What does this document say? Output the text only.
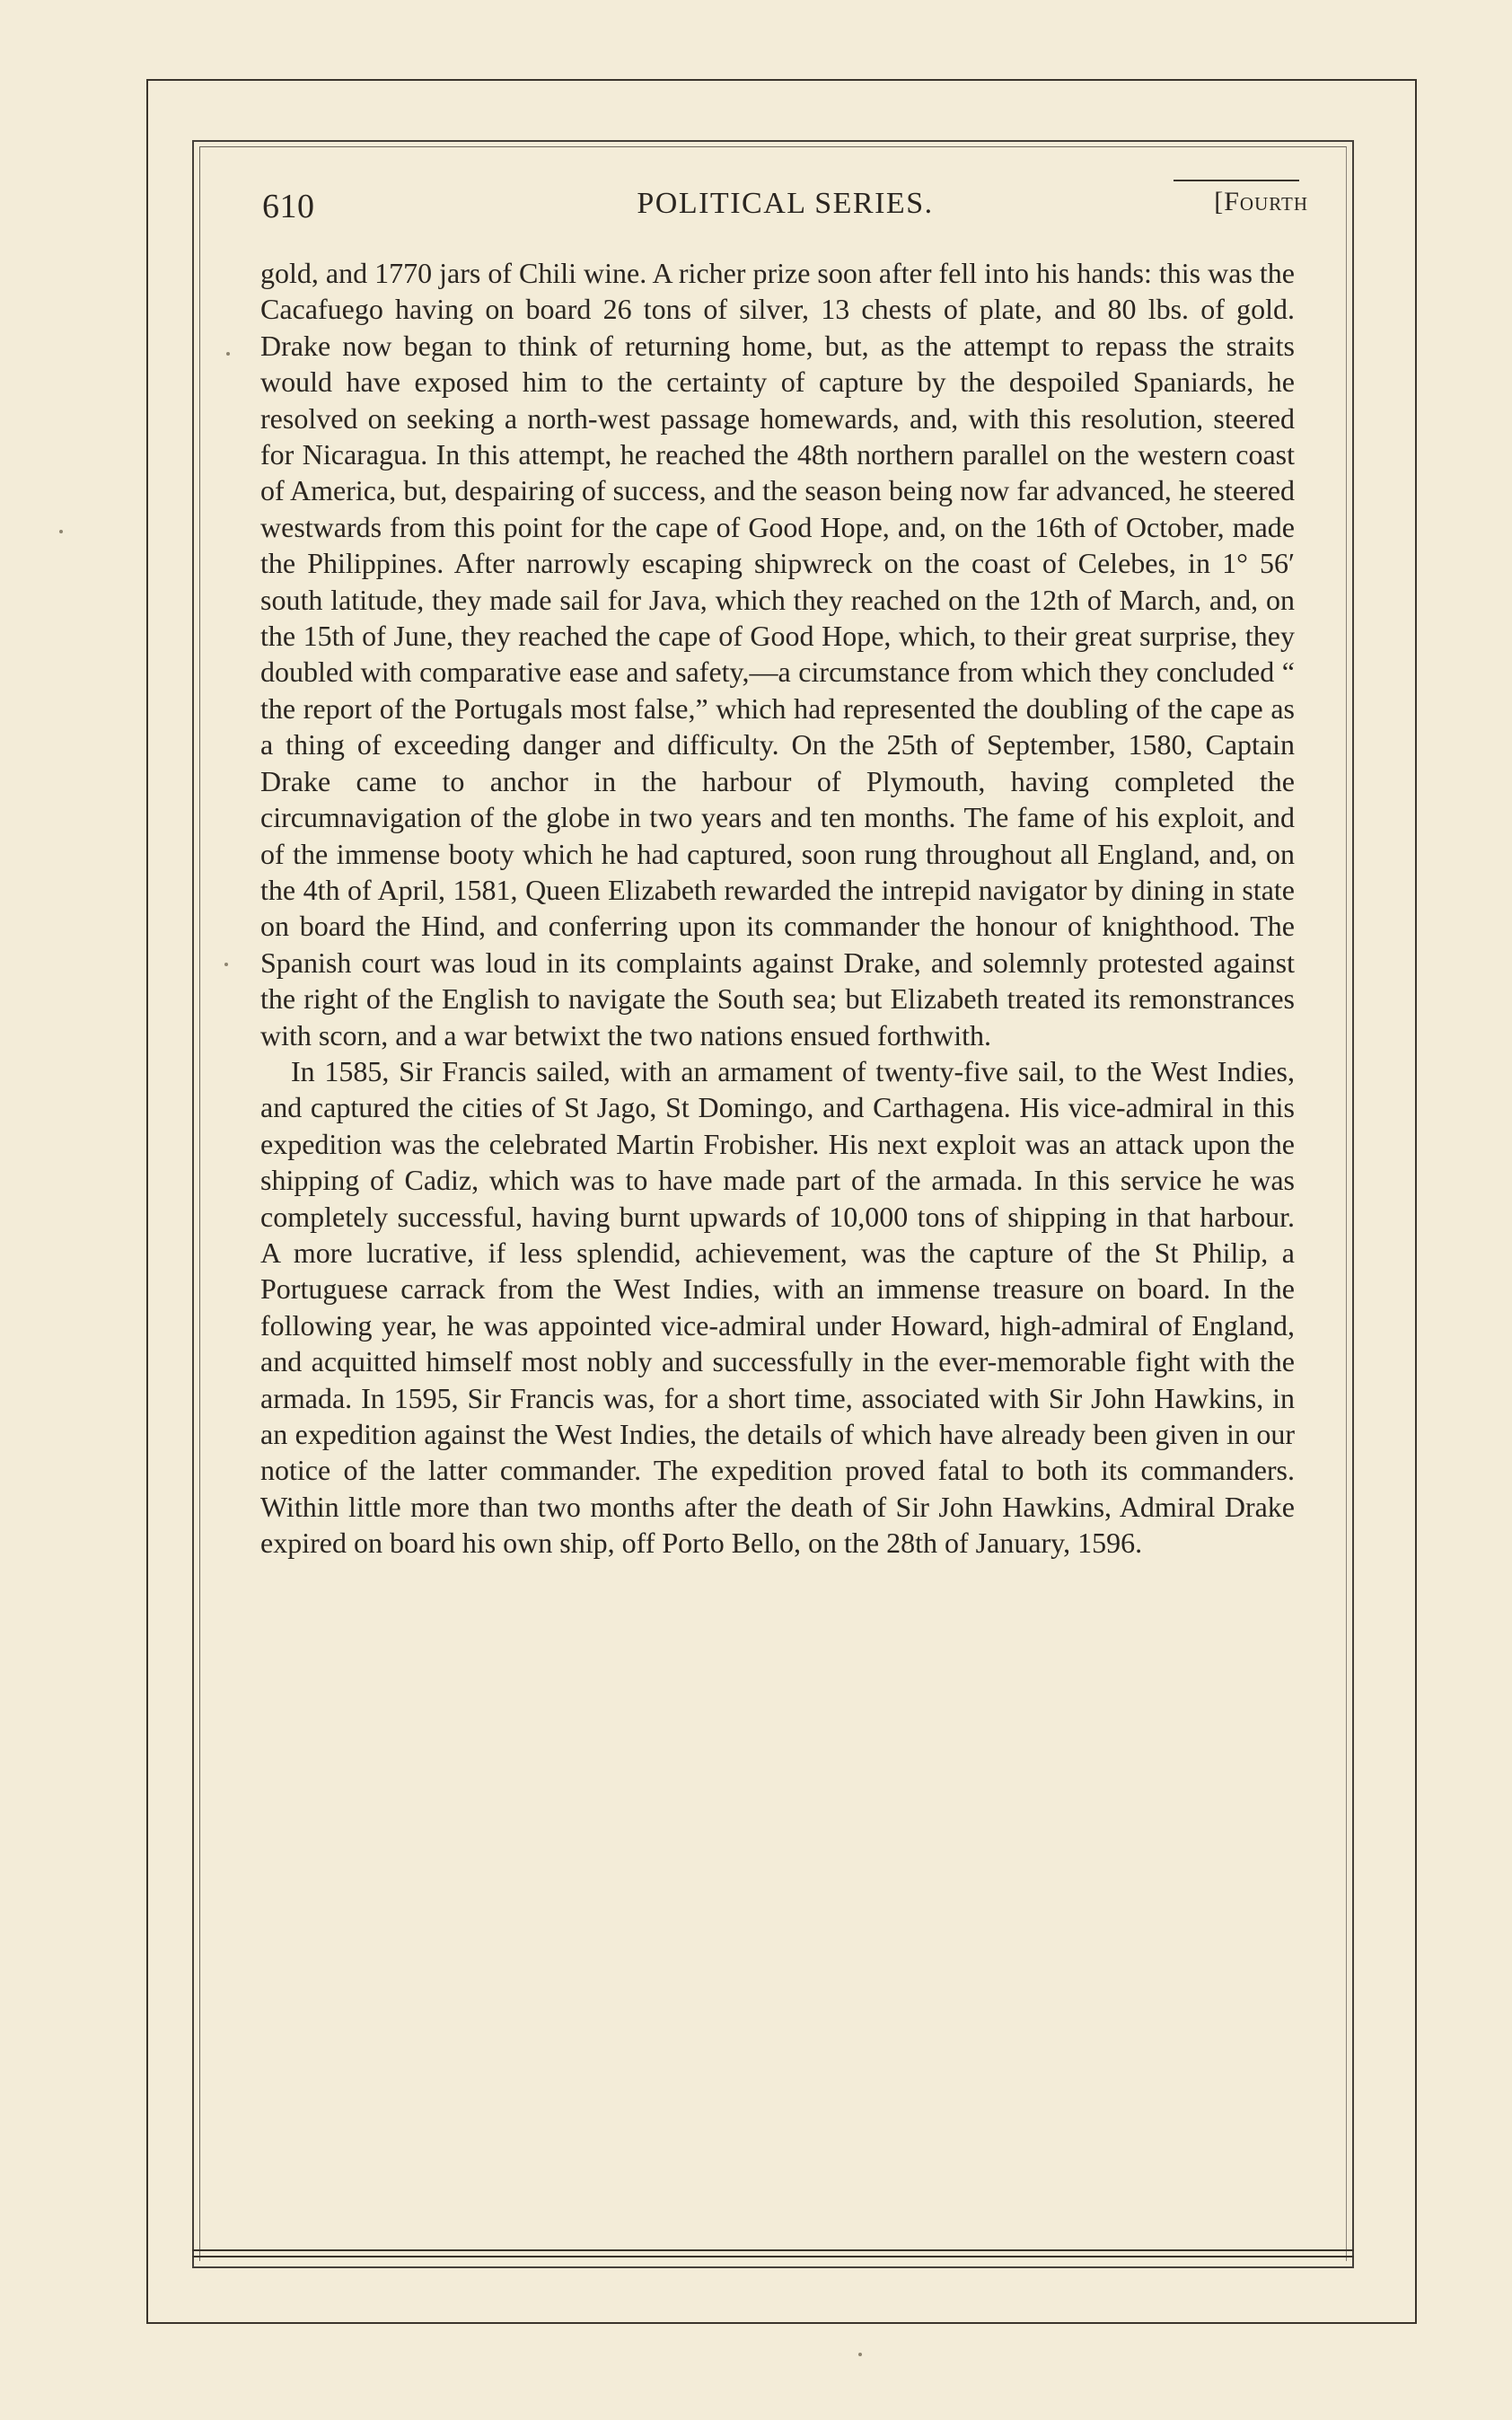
610	POLITICAL SERIES.	[Fourth

gold, and 1770 jars of Chili wine. A richer prize soon after fell into his hands: this was the Cacafuego having on board 26 tons of silver, 13 chests of plate, and 80 lbs. of gold. Drake now began to think of returning home, but, as the attempt to repass the straits would have exposed him to the certainty of capture by the despoiled Spaniards, he resolved on seeking a north-west passage homewards, and, with this resolution, steered for Nicaragua. In this attempt, he reached the 48th northern parallel on the western coast of America, but, despairing of success, and the season being now far advanced, he steered westwards from this point for the cape of Good Hope, and, on the 16th of October, made the Philippines. After narrowly escaping shipwreck on the coast of Celebes, in 1° 56′ south latitude, they made sail for Java, which they reached on the 12th of March, and, on the 15th of June, they reached the cape of Good Hope, which, to their great surprise, they doubled with comparative ease and safety,—a circumstance from which they concluded “ the report of the Portugals most false,” which had represented the doubling of the cape as a thing of exceeding danger and difficulty. On the 25th of September, 1580, Captain Drake came to anchor in the harbour of Plymouth, having completed the circumnavigation of the globe in two years and ten months. The fame of his exploit, and of the immense booty which he had captured, soon rung throughout all England, and, on the 4th of April, 1581, Queen Elizabeth rewarded the intrepid navigator by dining in state on board the Hind, and conferring upon its commander the honour of knighthood. The Spanish court was loud in its complaints against Drake, and solemnly protested against the right of the English to navigate the South sea; but Elizabeth treated its remonstrances with scorn, and a war betwixt the two nations ensued forthwith.

In 1585, Sir Francis sailed, with an armament of twenty-five sail, to the West Indies, and captured the cities of St Jago, St Domingo, and Carthagena. His vice-admiral in this expedition was the celebrated Martin Frobisher. His next exploit was an attack upon the shipping of Cadiz, which was to have made part of the armada. In this service he was completely successful, having burnt upwards of 10,000 tons of shipping in that harbour. A more lucrative, if less splendid, achievement, was the capture of the St Philip, a Portuguese carrack from the West Indies, with an immense treasure on board. In the following year, he was appointed vice-admiral under Howard, high-admiral of England, and acquitted himself most nobly and successfully in the ever-memorable fight with the armada. In 1595, Sir Francis was, for a short time, associated with Sir John Hawkins, in an expedition against the West Indies, the details of which have already been given in our notice of the latter commander. The expedition proved fatal to both its commanders. Within little more than two months after the death of Sir John Hawkins, Admiral Drake expired on board his own ship, off Porto Bello, on the 28th of January, 1596.
